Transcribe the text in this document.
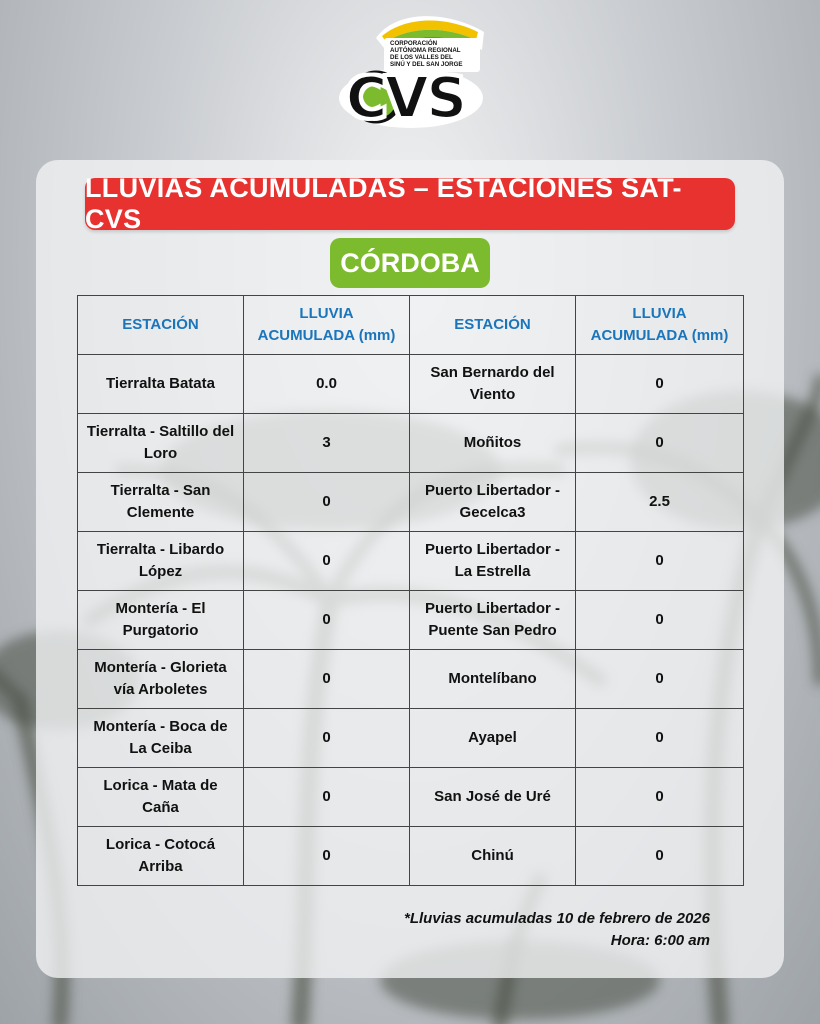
CORPORACIÓN
AUTÓNOMA REGIONAL
DE LOS VALLES DEL
SINÚ Y DEL SAN JORGE
CVS
LLUVIAS ACUMULADAS – ESTACIONES SAT-CVS
CÓRDOBA
ESTACIÓN	LLUVIA ACUMULADA (mm)	ESTACIÓN	LLUVIA ACUMULADA (mm)
Tierralta Batata	0.0	San Bernardo del Viento	0
Tierralta - Saltillo del Loro	3	Moñitos	0
Tierralta - San Clemente	0	Puerto Libertador - Gecelca3	2.5
Tierralta - Libardo López	0	Puerto Libertador - La Estrella	0
Montería - El Purgatorio	0	Puerto Libertador - Puente San Pedro	0
Montería - Glorieta vía Arboletes	0	Montelíbano	0
Montería - Boca de La Ceiba	0	Ayapel	0
Lorica - Mata de Caña	0	San José de Uré	0
Lorica - Cotocá Arriba	0	Chinú	0
*Lluvias acumuladas 10 de febrero de 2026
Hora: 6:00 am
